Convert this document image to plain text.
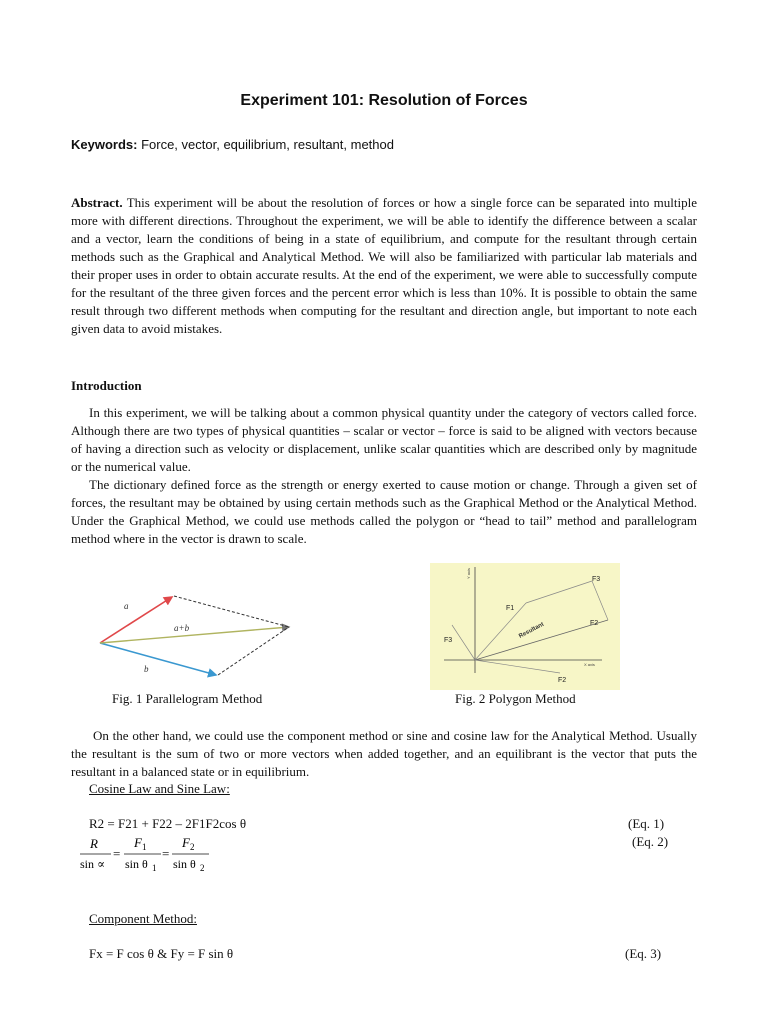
Experiment 101: Resolution of Forces
Keywords: Force, vector, equilibrium, resultant, method
Abstract. This experiment will be about the resolution of forces or how a single force can be separated into multiple more with different directions. Throughout the experiment, we will be able to identify the difference between a scalar and a vector, learn the conditions of being in a state of equilibrium, and compute for the resultant through certain methods such as the Graphical and Analytical Method. We will also be familiarized with particular lab materials and their proper uses in order to obtain accurate results. At the end of the experiment, we were able to successfully compute for the resultant of the three given forces and the percent error which is less than 10%. It is possible to obtain the same result through two different methods when computing for the resultant and direction angle, but important to note each given data to avoid mistakes.
Introduction
In this experiment, we will be talking about a common physical quantity under the category of vectors called force. Although there are two types of physical quantities – scalar or vector – force is said to be aligned with vectors because of having a direction such as velocity or displacement, unlike scalar quantities which are described only by magnitude or the numerical value.
The dictionary defined force as the strength or energy exerted to cause motion or change. Through a given set of forces, the resultant may be obtained by using certain methods such as the Graphical Method or the Analytical Method. Under the Graphical Method, we could use methods called the polygon or “head to tail” method and parallelogram method where in the vector is drawn to scale.
a
a+b
b
Y axis
X axis
F1
F3
F2
F3
F2
Resultant
Fig. 1 Parallelogram Method	Fig. 2 Polygon Method
On the other hand, we could use the component method or sine and cosine law for the Analytical Method. Usually the resultant is the sum of two or more vectors when added together, and an equilibrant is the vector that puts the resultant in a balanced state or in equilibrium.
Cosine Law and Sine Law:
R2 = F21 + F22 – 2F1F2cos θ	(Eq. 1)
R
sin ∝
=
F 1
sin θ 1
=
F 2
sin θ 2
(Eq. 2)
Component Method:
Fx = F cos θ & Fy = F sin θ	(Eq. 3)
